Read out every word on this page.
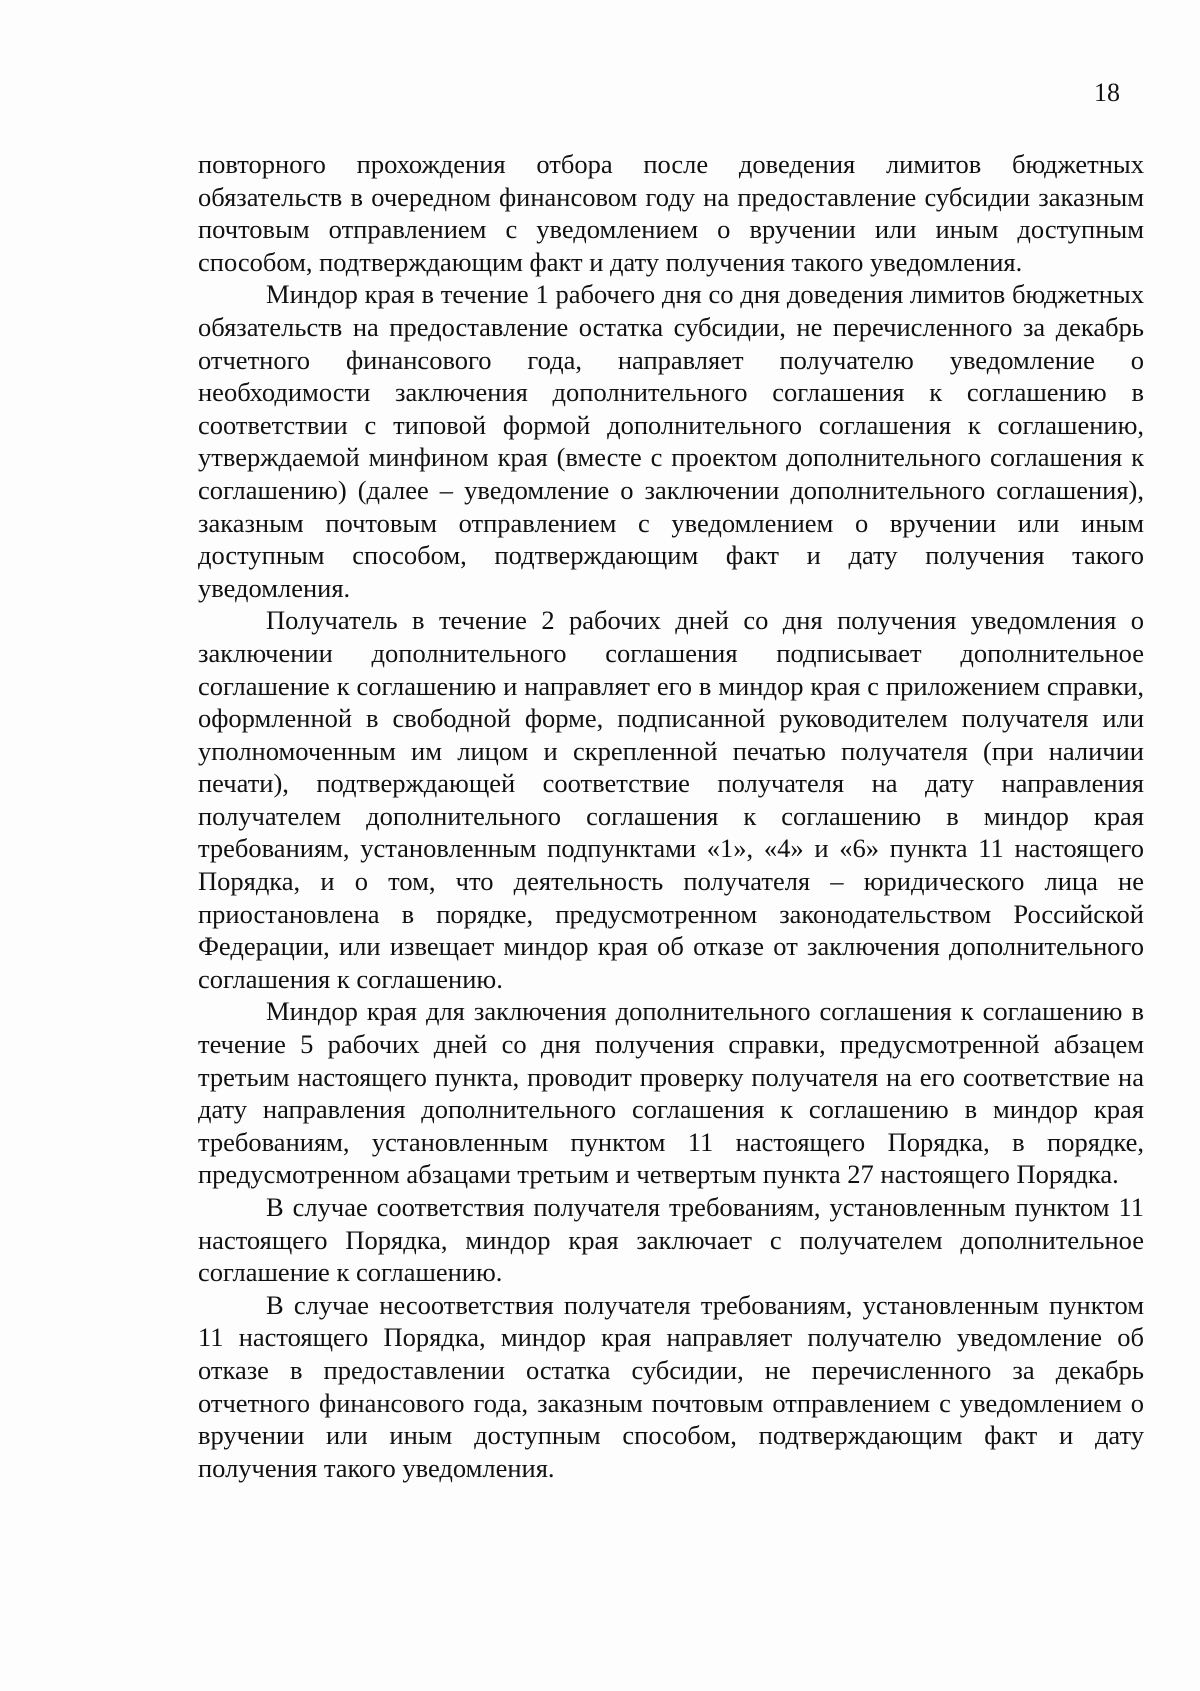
18

повторного прохождения отбора после доведения лимитов бюджетных обязательств в очередном финансовом году на предоставление субсидии заказным почтовым отправлением с уведомлением о вручении или иным доступным способом, подтверждающим факт и дату получения такого уведомления.

Миндор края в течение 1 рабочего дня со дня доведения лимитов бюджетных обязательств на предоставление остатка субсидии, не перечисленного за декабрь отчетного финансового года, направляет получателю уведомление о необходимости заключения дополнительного соглашения к соглашению в соответствии с типовой формой дополнительного соглашения к соглашению, утверждаемой минфином края (вместе с проектом дополнительного соглашения к соглашению) (далее – уведомление о заключении дополнительного соглашения), заказным почтовым отправлением с уведомлением о вручении или иным доступным способом, подтверждающим факт и дату получения такого уведомления.

Получатель в течение 2 рабочих дней со дня получения уведомления о заключении дополнительного соглашения подписывает дополнительное соглашение к соглашению и направляет его в миндор края с приложением справки, оформленной в свободной форме, подписанной руководителем получателя или уполномоченным им лицом и скрепленной печатью получателя (при наличии печати), подтверждающей соответствие получателя на дату направления получателем дополнительного соглашения к соглашению в миндор края требованиям, установленным подпунктами «1», «4» и «6» пункта 11 настоящего Порядка, и о том, что деятельность получателя – юридического лица не приостановлена в порядке, предусмотренном законодательством Российской Федерации, или извещает миндор края об отказе от заключения дополнительного соглашения к соглашению.

Миндор края для заключения дополнительного соглашения к соглашению в течение 5 рабочих дней со дня получения справки, предусмотренной абзацем третьим настоящего пункта, проводит проверку получателя на его соответствие на дату направления дополнительного соглашения к соглашению в миндор края требованиям, установленным пунктом 11 настоящего Порядка, в порядке, предусмотренном абзацами третьим и четвертым пункта 27 настоящего Порядка.

В случае соответствия получателя требованиям, установленным пунктом 11 настоящего Порядка, миндор края заключает с получателем дополнительное соглашение к соглашению.

В случае несоответствия получателя требованиям, установленным пунктом 11 настоящего Порядка, миндор края направляет получателю уведомление об отказе в предоставлении остатка субсидии, не перечисленного за декабрь отчетного финансового года, заказным почтовым отправлением с уведомлением о вручении или иным доступным способом, подтверждающим факт и дату получения такого уведомления.
